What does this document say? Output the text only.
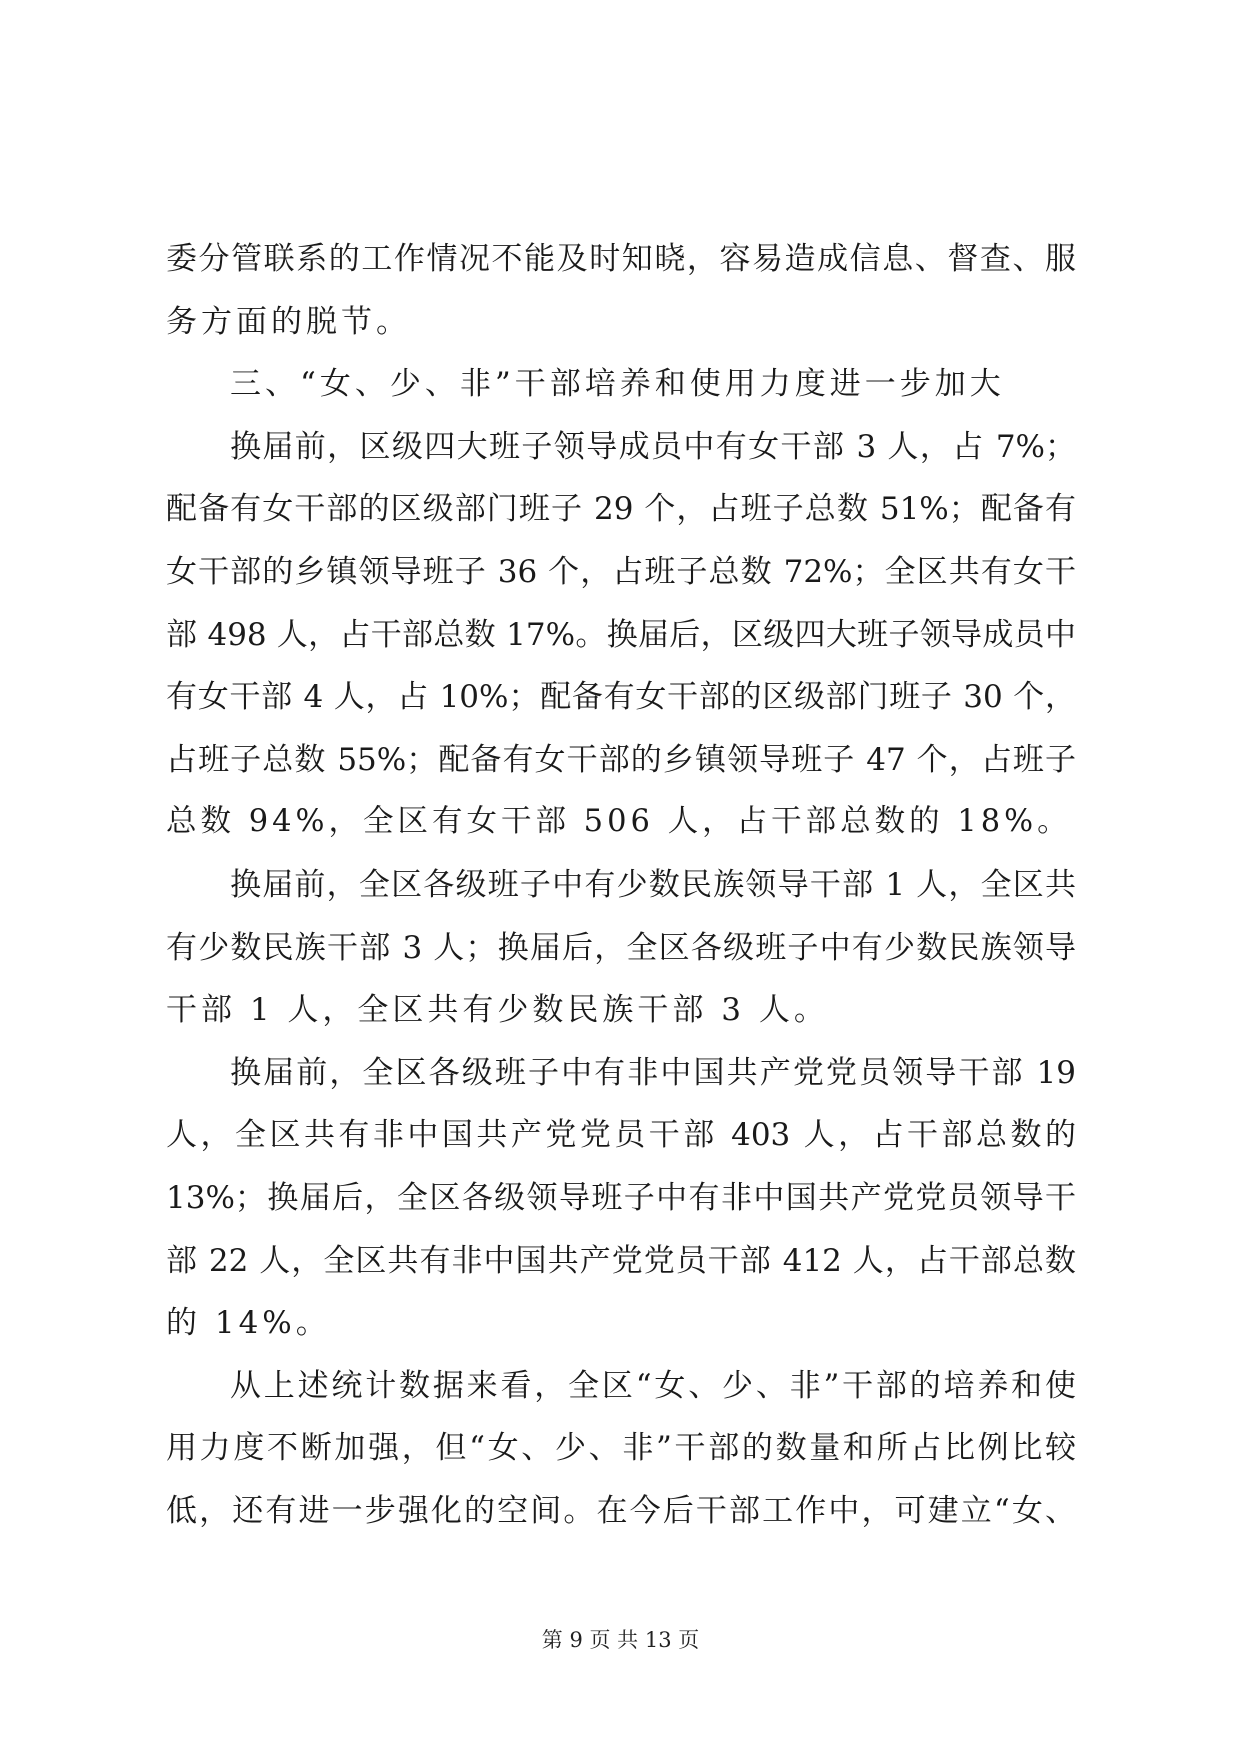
委分管联系的工作情况不能及时知晓，容易造成信息、督查、服
务方面的脱节。
三、“女、少、非”干部培养和使用力度进一步加大
换届前，区级四大班子领导成员中有女干部 3 人，占 7%；
配备有女干部的区级部门班子 29 个，占班子总数 51%；配备有
女干部的乡镇领导班子 36 个，占班子总数 72%；全区共有女干
部 498 人，占干部总数 17%。换届后，区级四大班子领导成员中
有女干部 4 人，占 10%；配备有女干部的区级部门班子 30 个，
占班子总数 55%；配备有女干部的乡镇领导班子 47 个，占班子
总数 94%，全区有女干部 506 人，占干部总数的 18%。
换届前，全区各级班子中有少数民族领导干部 1 人，全区共
有少数民族干部 3 人；换届后，全区各级班子中有少数民族领导
干部 1 人，全区共有少数民族干部 3 人。
换届前，全区各级班子中有非中国共产党党员领导干部 19
人，全区共有非中国共产党党员干部 403 人，占干部总数的
13%；换届后，全区各级领导班子中有非中国共产党党员领导干
部 22 人，全区共有非中国共产党党员干部 412 人，占干部总数
的 14%。
从上述统计数据来看，全区“女、少、非”干部的培养和使
用力度不断加强，但“女、少、非”干部的数量和所占比例比较
低，还有进一步强化的空间。在今后干部工作中，可建立“女、
第 9 页 共 13 页
